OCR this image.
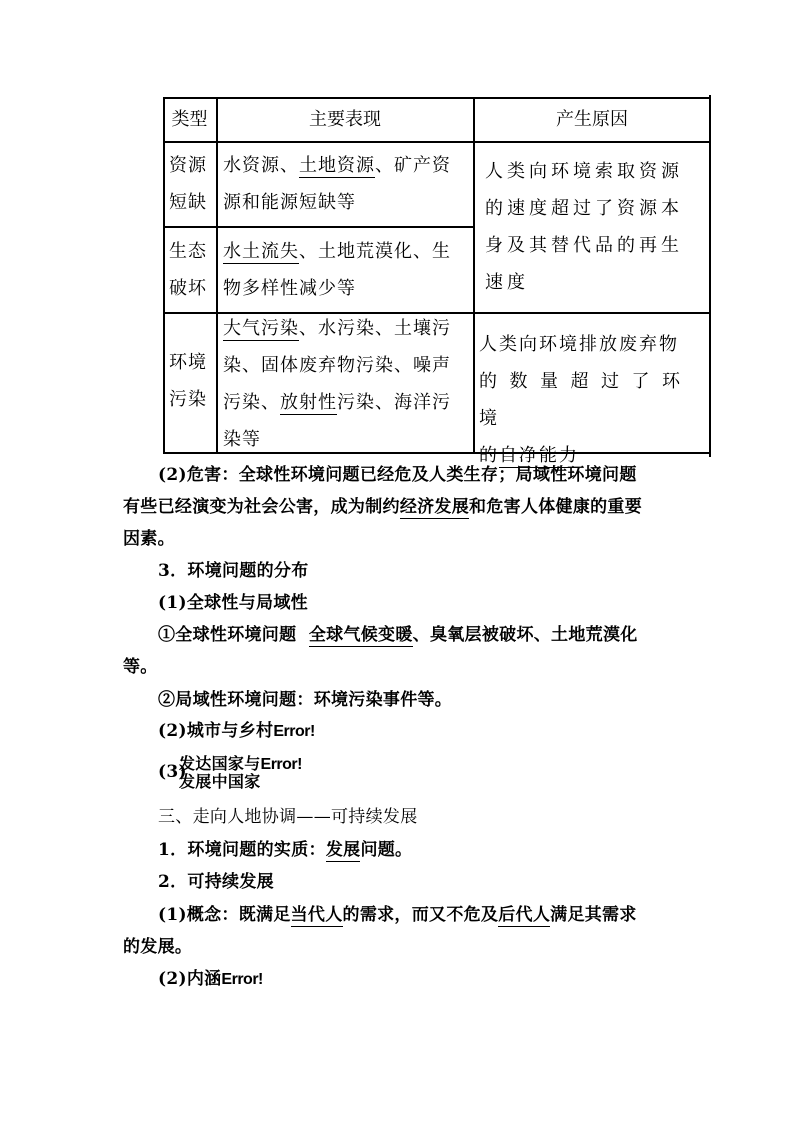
类型	主要表现	产生原因
资源
短缺
水资源、土地资源、矿产资
源和能源短缺等
生态
破坏
水土流失、土地荒漠化、生
物多样性减少等
人类向环境索取资源
的速度超过了资源本
身及其替代品的再生
速度
环境
污染
大气污染、水污染、土壤污
染、固体废弃物污染、噪声
污染、放射性污染、海洋污
染等
人类向环境排放废弃物
的数量超过了环境
的自净能力
(2)危害：全球性环境问题已经危及人类生存；局域性环境问题
有些已经演变为社会公害，成为制约经济发展和危害人体健康的重要
因素。
3．环境问题的分布
(1)全球性与局域性
①全球性环境问题  全球气候变暖、臭氧层被破坏、土地荒漠化
等。
②局域性环境问题：环境污染事件等。
(2)城市与乡村Error!
(3)
发达国家与Error!
发展中国家
三、走向人地协调——可持续发展
1．环境问题的实质：发展问题。
2．可持续发展
(1)概念：既满足当代人的需求，而又不危及后代人满足其需求
的发展。
(2)内涵Error!
